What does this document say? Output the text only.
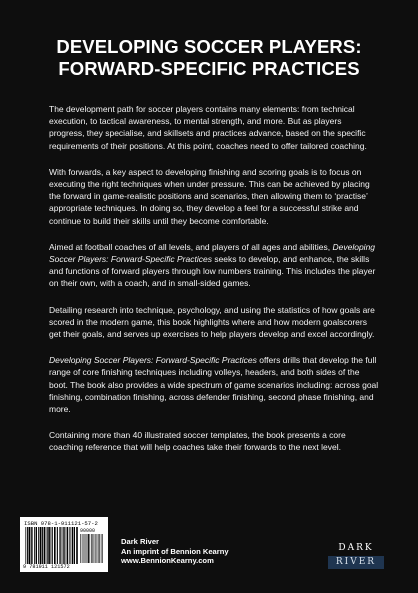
DEVELOPING SOCCER PLAYERS:
FORWARD-SPECIFIC PRACTICES

The development path for soccer players contains many elements: from technical execution, to tactical awareness, to mental strength, and more. But as players progress, they specialise, and skillsets and practices advance, based on the specific requirements of their positions. At this point, coaches need to offer tailored coaching.

With forwards, a key aspect to developing finishing and scoring goals is to focus on executing the right techniques when under pressure. This can be achieved by placing the forward in game-realistic positions and scenarios, then allowing them to ‘practise’ appropriate techniques. In doing so, they develop a feel for a successful strike and continue to build their skills until they become comfortable.

Aimed at football coaches of all levels, and players of all ages and abilities, Developing Soccer Players: Forward-Specific Practices seeks to develop, and enhance, the skills and functions of forward players through low numbers training. This includes the player on their own, with a coach, and in small-sided games.

Detailing research into technique, psychology, and using the statistics of how goals are scored in the modern game, this book highlights where and how modern goalscorers get their goals, and serves up exercises to help players develop and excel accordingly.

Developing Soccer Players: Forward-Specific Practices offers drills that develop the full range of core finishing techniques including volleys, headers, and both sides of the boot. The book also provides a wide spectrum of game scenarios including: across goal finishing, combination finishing, across defender finishing, second phase finishing, and more.

Containing more than 40 illustrated soccer templates, the book presents a core coaching reference that will help coaches take their forwards to the next level.

ISBN 978-1-911121-57-2
90000
9 781911 121572
Dark River
An imprint of Bennion Kearny
www.BennionKearny.com
DARK
RIVER
